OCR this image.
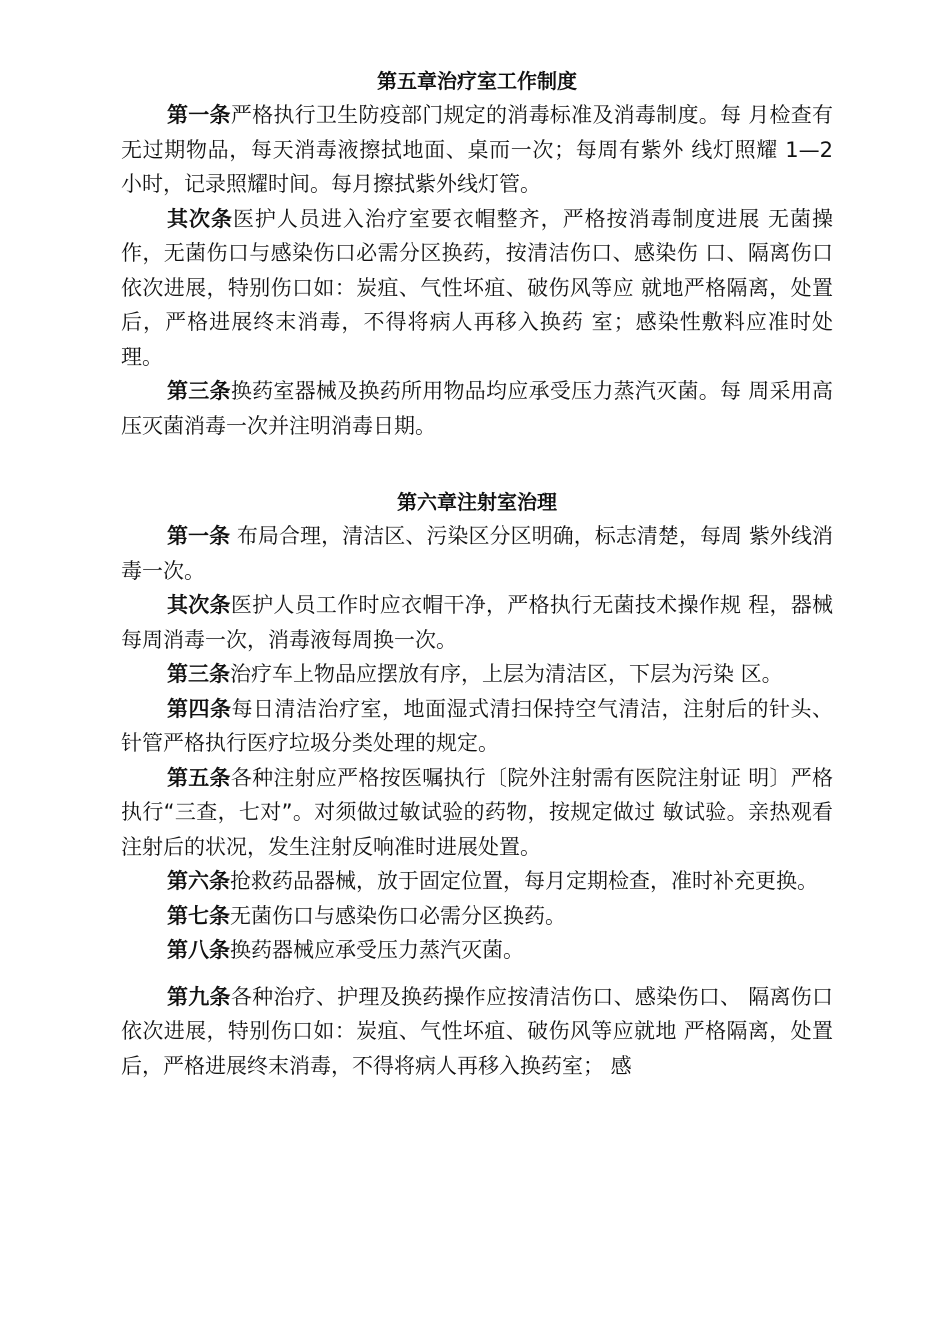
第五章治疗室工作制度

第一条严格执行卫生防疫部门规定的消毒标准及消毒制度。每 月检查有无过期物品，每天消毒液擦拭地面、桌而一次；每周有紫外 线灯照耀 1—2 小时，记录照耀时间。每月擦拭紫外线灯管。

其次条医护人员进入治疗室要衣帽整齐，严格按消毒制度进展 无菌操作，无菌伤口与感染伤口必需分区换药，按清洁伤口、感染伤 口、隔离伤口依次进展，特别伤口如：炭疽、气性坏疽、破伤风等应 就地严格隔离，处置后，严格进展终末消毒，不得将病人再移入换药 室；感染性敷料应准时处理。

第三条换药室器械及换药所用物品均应承受压力蒸汽灭菌。每 周采用高压灭菌消毒一次并注明消毒日期。

第六章注射室治理

第一条 布局合理，清洁区、污染区分区明确，标志清楚，每周 紫外线消毒一次。

其次条医护人员工作时应衣帽干净，严格执行无菌技术操作规 程，器械每周消毒一次，消毒液每周换一次。

第三条治疗车上物品应摆放有序，上层为清洁区，下层为污染 区。

第四条每日清洁治疗室，地面湿式清扫保持空气清洁，注射后的针头、针管严格执行医疗垃圾分类处理的规定。

第五条各种注射应严格按医嘱执行〔院外注射需有医院注射证 明〕严格执行“三查，七对”。对须做过敏试验的药物，按规定做过 敏试验。亲热观看注射后的状况，发生注射反响准时进展处置。

第六条抢救药品器械，放于固定位置，每月定期检查，准时补充更换。

第七条无菌伤口与感染伤口必需分区换药。

第八条换药器械应承受压力蒸汽灭菌。

第九条各种治疗、护理及换药操作应按清洁伤口、感染伤口、 隔离伤口依次进展，特别伤口如：炭疽、气性坏疽、破伤风等应就地 严格隔离，处置后，严格进展终末消毒，不得将病人再移入换药室； 感
